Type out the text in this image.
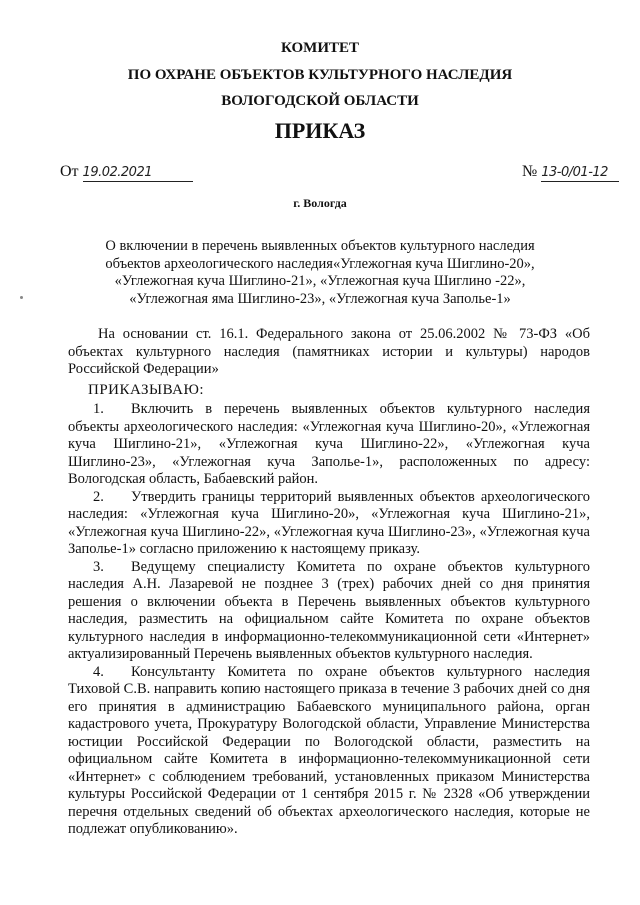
КОМИТЕТ
ПО ОХРАНЕ ОБЪЕКТОВ КУЛЬТУРНОГО НАСЛЕДИЯ
ВОЛОГОДСКОЙ ОБЛАСТИ
ПРИКАЗ
От 19.02.2021	№ 13-0/01-12
г. Вологда
О включении в перечень выявленных объектов культурного наследия
объектов археологического наследия«Углежогная куча Шиглино-20»,
«Углежогная куча Шиглино-21», «Углежогная куча Шиглино -22»,
«Углежогная яма Шиглино-23», «Углежогная куча Заполье-1»
На основании ст. 16.1. Федерального закона от 25.06.2002 № 73-ФЗ «Об объектах культурного наследия (памятниках истории и культуры) народов Российской Федерации»
ПРИКАЗЫВАЮ:
1. Включить в перечень выявленных объектов культурного наследия объекты археологического наследия: «Углежогная куча Шиглино-20», «Углежогная куча Шиглино-21», «Углежогная куча Шиглино-22», «Углежогная куча Шиглино-23», «Углежогная куча Заполье-1», расположенных по адресу: Вологодская область, Бабаевский район.
2. Утвердить границы территорий выявленных объектов археологического наследия: «Углежогная куча Шиглино-20», «Углежогная куча Шиглино-21», «Углежогная куча Шиглино-22», «Углежогная куча Шиглино-23», «Углежогная куча Заполье-1» согласно приложению к настоящему приказу.
3. Ведущему специалисту Комитета по охране объектов культурного наследия А.Н. Лазаревой не позднее 3 (трех) рабочих дней со дня принятия решения о включении объекта в Перечень выявленных объектов культурного наследия, разместить на официальном сайте Комитета по охране объектов культурного наследия в информационно-телекоммуникационной сети «Интернет» актуализированный Перечень выявленных объектов культурного наследия.
4. Консультанту Комитета по охране объектов культурного наследия Тиховой С.В. направить копию настоящего приказа в течение 3 рабочих дней со дня его принятия в администрацию Бабаевского муниципального района, орган кадастрового учета, Прокуратуру Вологодской области, Управление Министерства юстиции Российской Федерации по Вологодской области, разместить на официальном сайте Комитета в информационно-телекоммуникационной сети «Интернет» с соблюдением требований, установленных приказом Министерства культуры Российской Федерации от 1 сентября 2015 г. № 2328 «Об утверждении перечня отдельных сведений об объектах археологического наследия, которые не подлежат опубликованию».
